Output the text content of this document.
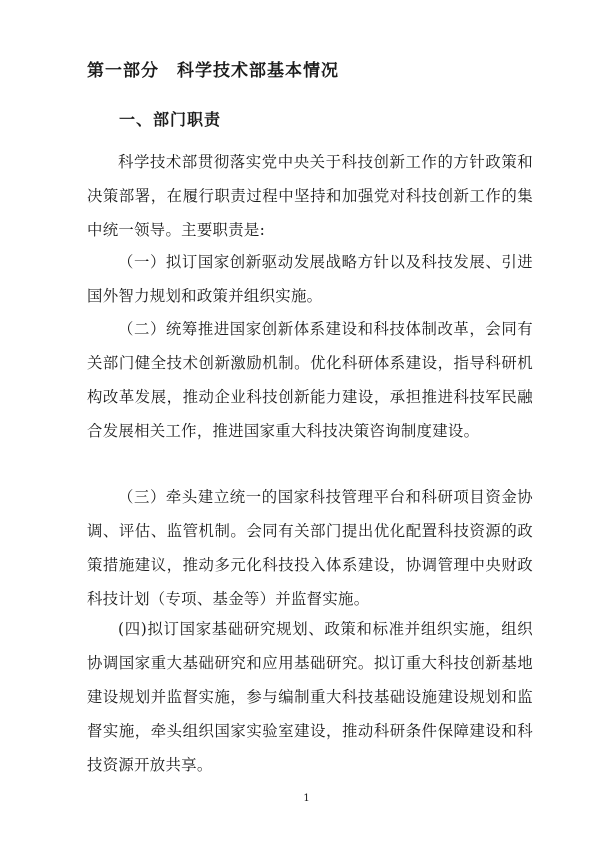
第一部分　科学技术部基本情况
一、部门职责

科学技术部贯彻落实党中央关于科技创新工作的方针政策和决策部署，在履行职责过程中坚持和加强党对科技创新工作的集中统一领导。主要职责是:

（一）拟订国家创新驱动发展战略方针以及科技发展、引进国外智力规划和政策并组织实施。

（二）统筹推进国家创新体系建设和科技体制改革，会同有关部门健全技术创新激励机制。优化科研体系建设，指导科研机构改革发展，推动企业科技创新能力建设，承担推进科技军民融合发展相关工作，推进国家重大科技决策咨询制度建设。

（三）牵头建立统一的国家科技管理平台和科研项目资金协调、评估、监管机制。会同有关部门提出优化配置科技资源的政策措施建议，推动多元化科技投入体系建设，协调管理中央财政科技计划（专项、基金等）并监督实施。

(四)拟订国家基础研究规划、政策和标准并组织实施，组织协调国家重大基础研究和应用基础研究。拟订重大科技创新基地建设规划并监督实施，参与编制重大科技基础设施建设规划和监督实施，牵头组织国家实验室建设，推动科研条件保障建设和科技资源开放共享。

1
